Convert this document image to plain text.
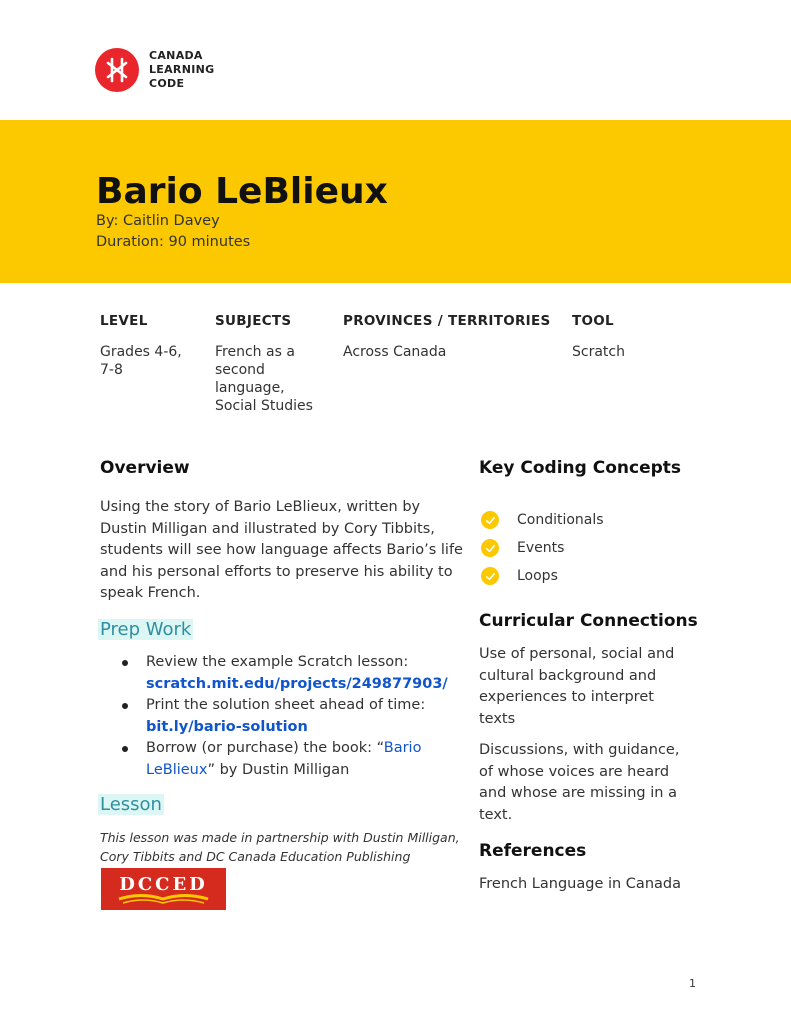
CANADA
LEARNING
CODE
Bario LeBlieux
By: Caitlin Davey
Duration: 90 minutes
LEVEL
Grades 4-6, 7-8
SUBJECTS
French as a second language, Social Studies
PROVINCES / TERRITORIES
Across Canada
TOOL
Scratch
Overview
Using the story of Bario LeBlieux, written by Dustin Milligan and illustrated by Cory Tibbits, students will see how language affects Bario’s life and his personal efforts to preserve his ability to speak French.
Prep Work
Review the example Scratch lesson:
scratch.mit.edu/projects/249877903/
Print the solution sheet ahead of time:
bit.ly/bario-solution
Borrow (or purchase) the book: “Bario LeBlieux” by Dustin Milligan
Lesson
This lesson was made in partnership with Dustin Milligan, Cory Tibbits and DC Canada Education Publishing
DCCED
Key Coding Concepts
Conditionals
Events
Loops
Curricular Connections
Use of personal, social and cultural background and experiences to interpret texts
Discussions, with guidance, of whose voices are heard and whose are missing in a text.
References
French Language in Canada
1
